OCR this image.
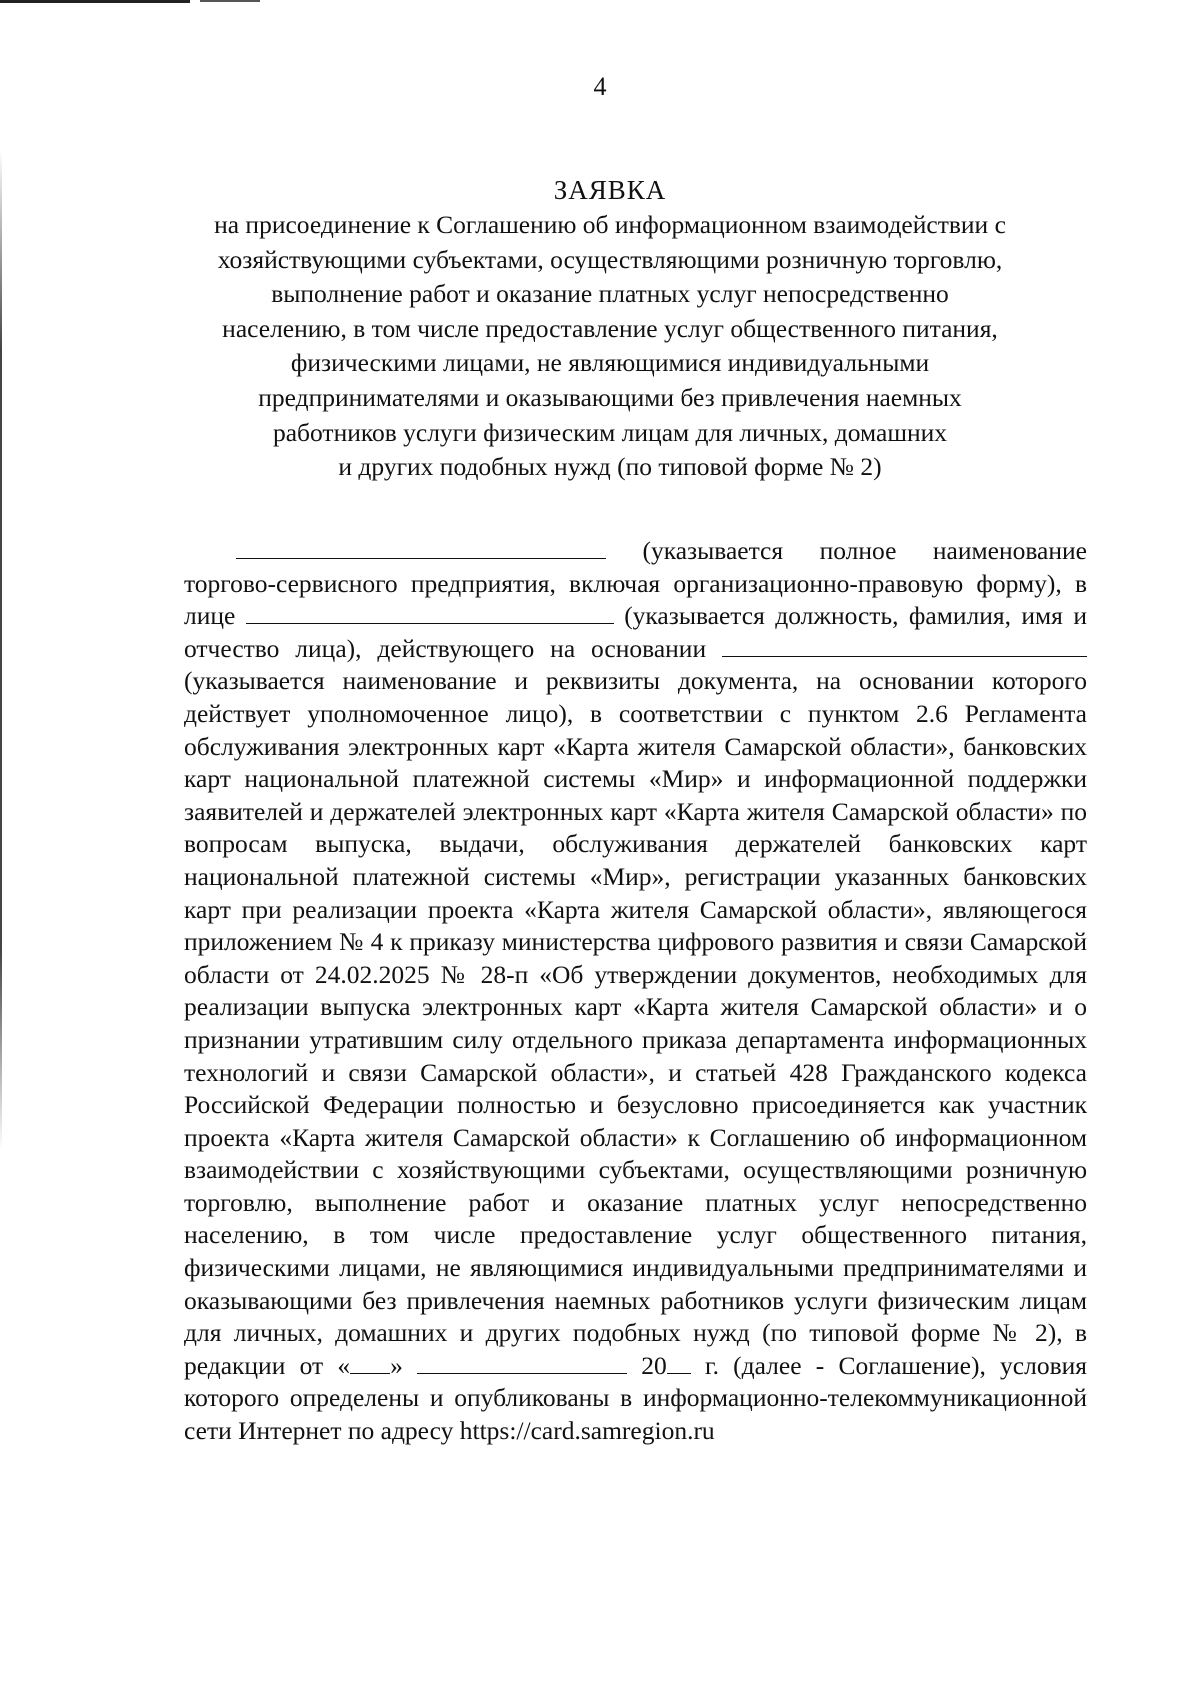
4
ЗАЯВКА
на присоединение к Соглашению об информационном взаимодействии с
хозяйствующими субъектами, осуществляющими розничную торговлю,
выполнение работ и оказание платных услуг непосредственно
населению, в том числе предоставление услуг общественного питания,
физическими лицами, не являющимися индивидуальными
предпринимателями и оказывающими без привлечения наемных
работников услуги физическим лицам для личных, домашних
и других подобных нужд (по типовой форме № 2)
(указывается полное наименование торгово-сервисного предприятия, включая организационно-правовую форму), в лице	(указывается должность, фамилия, имя и отчество лица), действующего на основании  (указывается наименование и реквизиты документа, на основании которого действует уполномоченное лицо), в соответствии с пунктом 2.6 Регламента обслуживания электронных карт «Карта жителя Самарской области», банковских карт национальной платежной системы «Мир» и информационной поддержки заявителей и держателей электронных карт «Карта жителя Самарской области» по вопросам выпуска, выдачи, обслуживания держателей банковских карт национальной платежной системы «Мир», регистрации указанных банковских карт при реализации проекта «Карта жителя Самарской области», являющегося приложением № 4 к приказу министерства цифрового развития и связи Самарской области от 24.02.2025 № 28-п «Об утверждении документов, необходимых для реализации выпуска электронных карт «Карта жителя Самарской области» и о признании утратившим силу отдельного приказа департамента информационных технологий и связи Самарской области», и статьей 428 Гражданского кодекса Российской Федерации полностью и безусловно присоединяется как участник проекта «Карта жителя Самарской области» к Соглашению об информационном взаимодействии с хозяйствующими субъектами, осуществляющими розничную торговлю, выполнение работ и оказание платных услуг непосредственно населению, в том числе предоставление услуг общественного питания, физическими лицами, не являющимися индивидуальными предпринимателями и оказывающими без привлечения наемных работников услуги физическим лицам для личных, домашних и других подобных нужд (по типовой форме № 2), в редакции от « »	20 г. (далее - Соглашение), условия которого определены и опубликованы в информационно-телекоммуникационной сети Интернет по адресу https://card.samregion.ru
